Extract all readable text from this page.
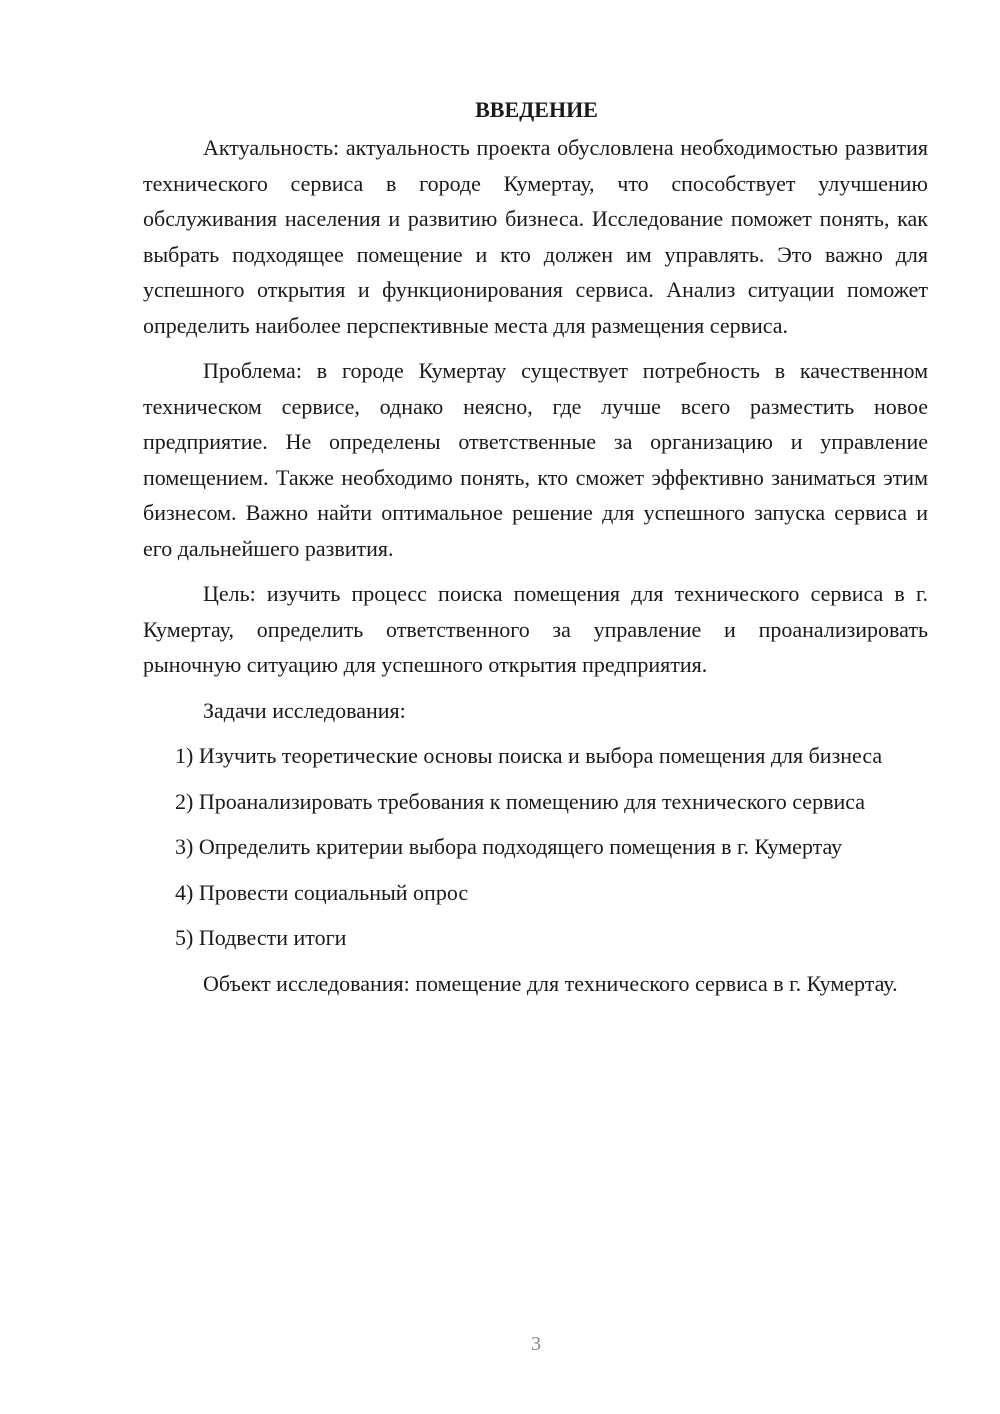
ВВЕДЕНИЕ

Актуальность: актуальность проекта обусловлена необходимостью развития технического сервиса в городе Кумертау, что способствует улучшению обслуживания населения и развитию бизнеса. Исследование поможет понять, как выбрать подходящее помещение и кто должен им управлять. Это важно для успешного открытия и функционирования сервиса. Анализ ситуации поможет определить наиболее перспективные места для размещения сервиса.

Проблема: в городе Кумертау существует потребность в качественном техническом сервисе, однако неясно, где лучше всего разместить новое предприятие. Не определены ответственные за организацию и управление помещением. Также необходимо понять, кто сможет эффективно заниматься этим бизнесом. Важно найти оптимальное решение для успешного запуска сервиса и его дальнейшего развития.

Цель: изучить процесс поиска помещения для технического сервиса в г. Кумертау, определить ответственного за управление и проанализировать рыночную ситуацию для успешного открытия предприятия.

Задачи исследования:

1) Изучить теоретические основы поиска и выбора помещения для бизнеса

2) Проанализировать требования к помещению для технического сервиса

3) Определить критерии выбора подходящего помещения в г. Кумертау

4) Провести социальный опрос

5) Подвести итоги

Объект исследования: помещение для технического сервиса в г. Кумертау.

3
